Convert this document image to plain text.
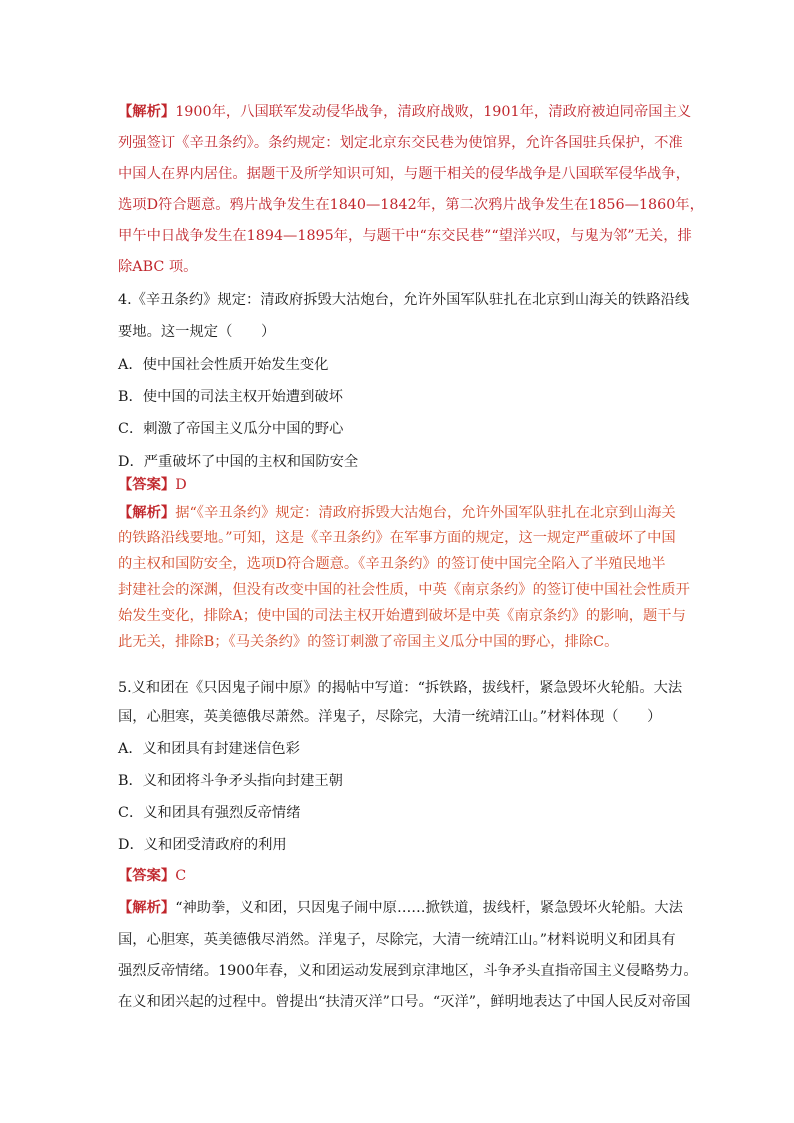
【解析】1900年，八国联军发动侵华战争，清政府战败，1901年，清政府被迫同帝国主义
列强签订《辛丑条约》。条约规定：划定北京东交民巷为使馆界，允许各国驻兵保护，不准
中国人在界内居住。据题干及所学知识可知，与题干相关的侵华战争是八国联军侵华战争，
选项D符合题意。鸦片战争发生在1840—1842年，第二次鸦片战争发生在1856—1860年，
甲午中日战争发生在1894—1895年，与题干中“东交民巷”“望洋兴叹，与鬼为邻”无关，排
除ABC 项。
4.《辛丑条约》规定：清政府拆毁大沽炮台，允许外国军队驻扎在北京到山海关的铁路沿线
要地。这一规定（　　）
A．使中国社会性质开始发生变化
B．使中国的司法主权开始遭到破坏
C．刺激了帝国主义瓜分中国的野心
D．严重破坏了中国的主权和国防安全
【答案】D
【解析】据“《辛丑条约》规定：清政府拆毁大沽炮台，允许外国军队驻扎在北京到山海关
的铁路沿线要地。”可知，这是《辛丑条约》在军事方面的规定，这一规定严重破坏了中国
的主权和国防安全，选项D符合题意。《辛丑条约》的签订使中国完全陷入了半殖民地半
封建社会的深渊，但没有改变中国的社会性质，中英《南京条约》的签订使中国社会性质开
始发生变化，排除A；使中国的司法主权开始遭到破坏是中英《南京条约》的影响，题干与
此无关，排除B；《马关条约》的签订刺激了帝国主义瓜分中国的野心，排除C。
5.义和团在《只因鬼子闹中原》的揭帖中写道：“拆铁路，拔线杆，紧急毁坏火轮船。大法
国，心胆寒，英美德俄尽萧然。洋鬼子，尽除完，大清一统靖江山。”材料体现（　　）
A．义和团具有封建迷信色彩
B．义和团将斗争矛头指向封建王朝
C．义和团具有强烈反帝情绪
D．义和团受清政府的利用
【答案】C
【解析】“神助拳，义和团，只因鬼子闹中原……掀铁道，拔线杆，紧急毁坏火轮船。大法
国，心胆寒，英美德俄尽消然。洋鬼子，尽除完，大清一统靖江山。”材料说明义和团具有
强烈反帝情绪。1900年春，义和团运动发展到京津地区，斗争矛头直指帝国主义侵略势力。
在义和团兴起的过程中。曾提出“扶清灭洋”口号。“灭洋”，鲜明地表达了中国人民反对帝国
